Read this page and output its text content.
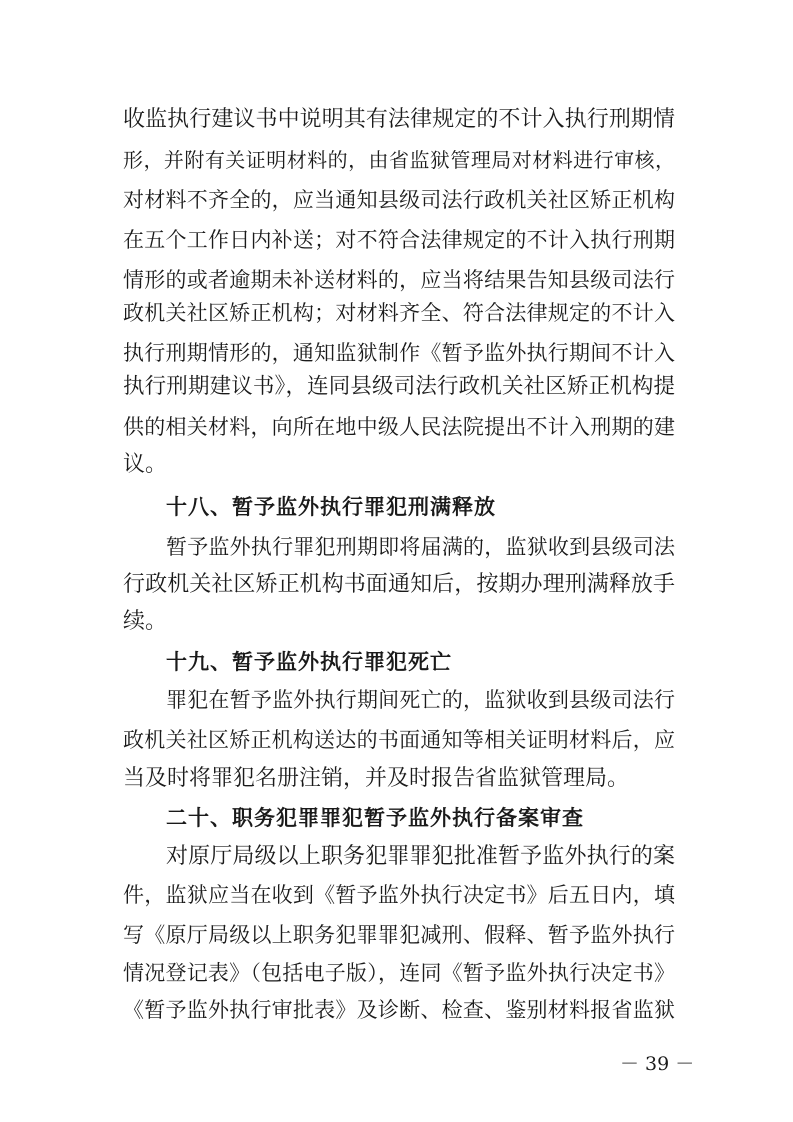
收监执行建议书中说明其有法律规定的不计入执行刑期情
形，并附有关证明材料的，由省监狱管理局对材料进行审核，
对材料不齐全的，应当通知县级司法行政机关社区矫正机构
在五个工作日内补送；对不符合法律规定的不计入执行刑期
情形的或者逾期未补送材料的，应当将结果告知县级司法行
政机关社区矫正机构；对材料齐全、符合法律规定的不计入
执行刑期情形的，通知监狱制作《暂予监外执行期间不计入
执行刑期建议书》，连同县级司法行政机关社区矫正机构提
供的相关材料，向所在地中级人民法院提出不计入刑期的建
议。
十八、暂予监外执行罪犯刑满释放
暂予监外执行罪犯刑期即将届满的，监狱收到县级司法
行政机关社区矫正机构书面通知后，按期办理刑满释放手
续。
十九、暂予监外执行罪犯死亡
罪犯在暂予监外执行期间死亡的，监狱收到县级司法行
政机关社区矫正机构送达的书面通知等相关证明材料后，应
当及时将罪犯名册注销，并及时报告省监狱管理局。
二十、职务犯罪罪犯暂予监外执行备案审查
对原厅局级以上职务犯罪罪犯批准暂予监外执行的案
件，监狱应当在收到《暂予监外执行决定书》后五日内，填
写《原厅局级以上职务犯罪罪犯减刑、假释、暂予监外执行
情况登记表》（包括电子版），连同《暂予监外执行决定书》
《暂予监外执行审批表》及诊断、检查、鉴别材料报省监狱
－ 39 －
